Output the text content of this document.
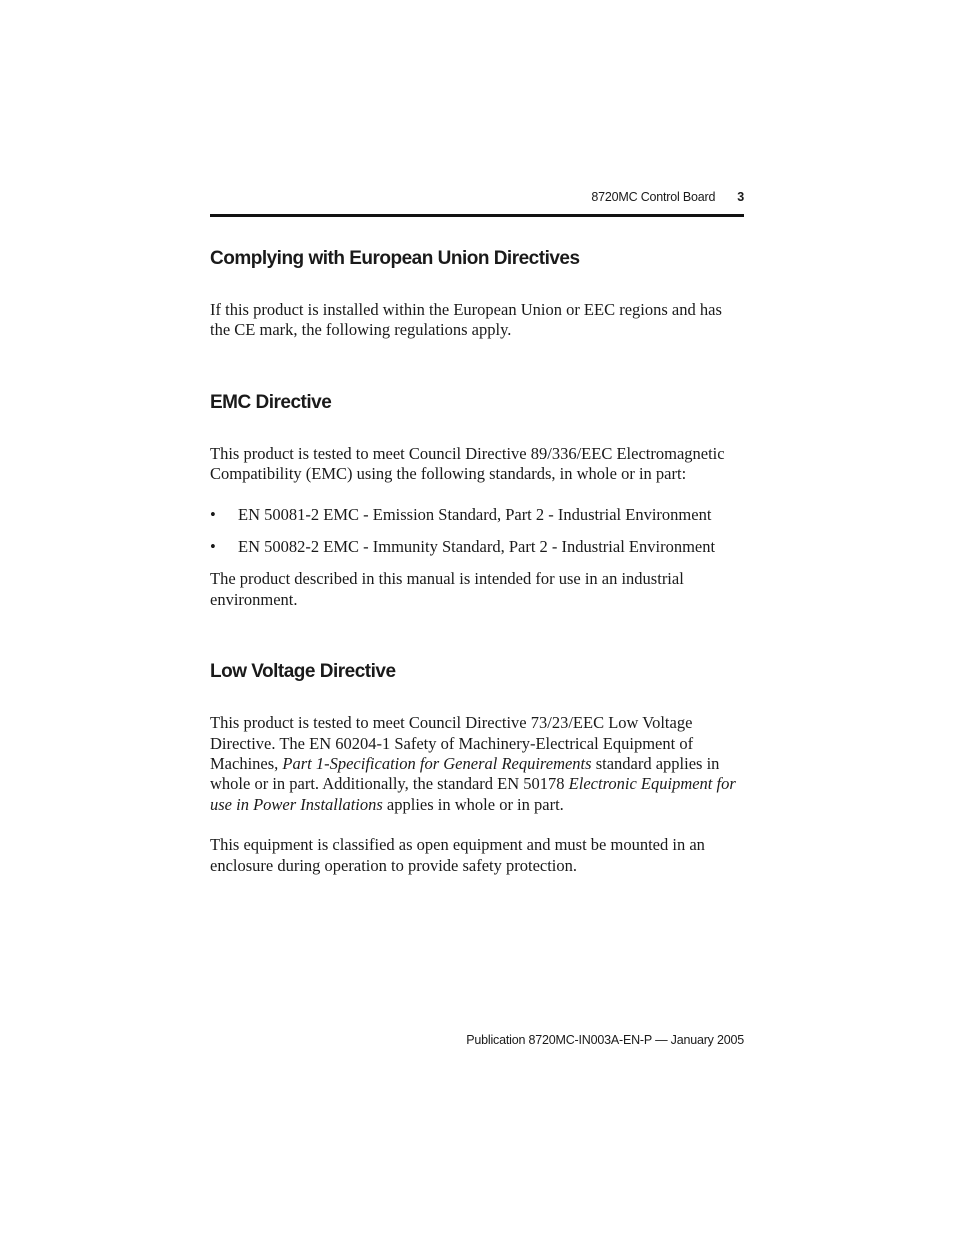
8720MC Control Board 3
Complying with European Union Directives

If this product is installed within the European Union or EEC regions and has the CE mark, the following regulations apply.

EMC Directive

This product is tested to meet Council Directive 89/336/EEC Electromagnetic Compatibility (EMC) using the following standards, in whole or in part:

• EN 50081-2 EMC - Emission Standard, Part 2 - Industrial Environment
• EN 50082-2 EMC - Immunity Standard, Part 2 - Industrial Environment

The product described in this manual is intended for use in an industrial environment.

Low Voltage Directive

This product is tested to meet Council Directive 73/23/EEC Low Voltage Directive. The EN 60204-1 Safety of Machinery-Electrical Equipment of Machines, Part 1-Specification for General Requirements standard applies in whole or in part. Additionally, the standard EN 50178 Electronic Equipment for use in Power Installations applies in whole or in part.

This equipment is classified as open equipment and must be mounted in an enclosure during operation to provide safety protection.

Publication 8720MC-IN003A-EN-P — January 2005
